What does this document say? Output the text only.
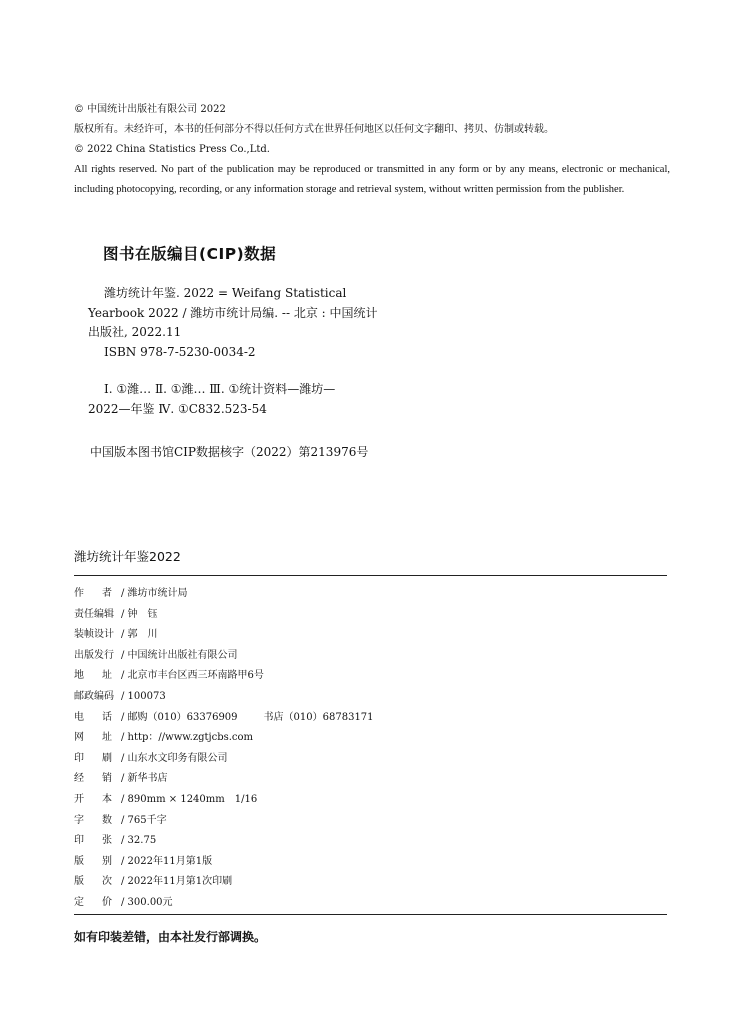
© 中国统计出版社有限公司 2022
版权所有。未经许可，本书的任何部分不得以任何方式在世界任何地区以任何文字翻印、拷贝、仿制或转载。
© 2022 China Statistics Press Co.,Ltd.
All rights reserved. No part of the publication may be reproduced or transmitted in any form or by any means, electronic or mechanical, including photocopying, recording, or any information storage and retrieval system, without written permission from the publisher.
图书在版编目(CIP)数据
潍坊统计年鉴. 2022 = Weifang Statistical
Yearbook 2022 / 潍坊市统计局编. -- 北京 : 中国统计
出版社, 2022.11
ISBN 978-7-5230-0034-2
Ⅰ. ①潍… Ⅱ. ①潍… Ⅲ. ①统计资料—潍坊—
2022—年鉴 Ⅳ. ①C832.523-54
中国版本图书馆CIP数据核字（2022）第213976号
潍坊统计年鉴2022
作 者 / 潍坊市统计局
责任编辑 / 钟　钰
装帧设计 / 郭　川
出版发行 / 中国统计出版社有限公司
地 址 / 北京市丰台区西三环南路甲6号
邮政编码 / 100073
电 话 / 邮购（010）63376909	书店（010）68783171
网 址 / http：//www.zgtjcbs.com
印 刷 / 山东水文印务有限公司
经 销 / 新华书店
开 本 / 890mm × 1240mm　1/16
字 数 / 765千字
印 张 / 32.75
版 别 / 2022年11月第1版
版 次 / 2022年11月第1次印刷
定 价 / 300.00元
如有印装差错，由本社发行部调换。
